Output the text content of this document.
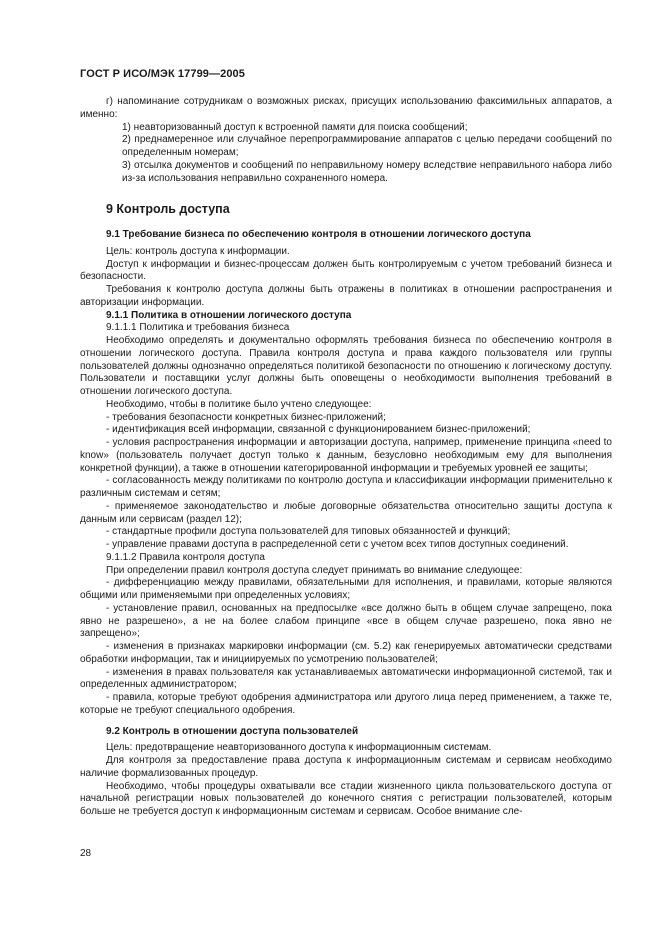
ГОСТ Р ИСО/МЭК 17799—2005

г) напоминание сотрудникам о возможных рисках, присущих использованию факсимильных аппаратов, а именно:

1) неавторизованный доступ к встроенной памяти для поиска сообщений;

2) преднамеренное или случайное перепрограммирование аппаратов с целью передачи сообщений по определенным номерам;

3) отсылка документов и сообщений по неправильному номеру вследствие неправильного набора либо из-за использования неправильно сохраненного номера.

9 Контроль доступа

9.1 Требование бизнеса по обеспечению контроля в отношении логического доступа

Цель: контроль доступа к информации.

Доступ к информации и бизнес-процессам должен быть контролируемым с учетом требований бизнеса и безопасности.

Требования к контролю доступа должны быть отражены в политиках в отношении распространения и авторизации информации.

9.1.1 Политика в отношении логического доступа

9.1.1.1 Политика и требования бизнеса

Необходимо определять и документально оформлять требования бизнеса по обеспечению контроля в отношении логического доступа. Правила контроля доступа и права каждого пользователя или группы пользователей должны однозначно определяться политикой безопасности по отношению к логическому доступу. Пользователи и поставщики услуг должны быть оповещены о необходимости выполнения требований в отношении логического доступа.

Необходимо, чтобы в политике было учтено следующее:

- требования безопасности конкретных бизнес-приложений;

- идентификация всей информации, связанной с функционированием бизнес-приложений;

- условия распространения информации и авторизации доступа, например, применение принципа «need to know» (пользователь получает доступ только к данным, безусловно необходимым ему для выполнения конкретной функции), а также в отношении категорированной информации и требуемых уровней ее защиты;

- согласованность между политиками по контролю доступа и классификации информации применительно к различным системам и сетям;

- применяемое законодательство и любые договорные обязательства относительно защиты доступа к данным или сервисам (раздел 12);

- стандартные профили доступа пользователей для типовых обязанностей и функций;

- управление правами доступа в распределенной сети с учетом всех типов доступных соединений.

9.1.1.2 Правила контроля доступа

При определении правил контроля доступа следует принимать во внимание следующее:

- дифференциацию между правилами, обязательными для исполнения, и правилами, которые являются общими или применяемыми при определенных условиях;

- установление правил, основанных на предпосылке «все должно быть в общем случае запрещено, пока явно не разрешено», а не на более слабом принципе «все в общем случае разрешено, пока явно не запрещено»;

- изменения в признаках маркировки информации (см. 5.2) как генерируемых автоматически средствами обработки информации, так и инициируемых по усмотрению пользователей;

- изменения в правах пользователя как устанавливаемых автоматически информационной системой, так и определенных администратором;

- правила, которые требуют одобрения администратора или другого лица перед применением, а также те, которые не требуют специального одобрения.

9.2 Контроль в отношении доступа пользователей

Цель: предотвращение неавторизованного доступа к информационным системам.

Для контроля за предоставление права доступа к информационным системам и сервисам необходимо наличие формализованных процедур.

Необходимо, чтобы процедуры охватывали все стадии жизненного цикла пользовательского доступа от начальной регистрации новых пользователей до конечного снятия с регистрации пользователей, которым больше не требуется доступ к информационным системам и сервисам. Особое внимание сле-

28
